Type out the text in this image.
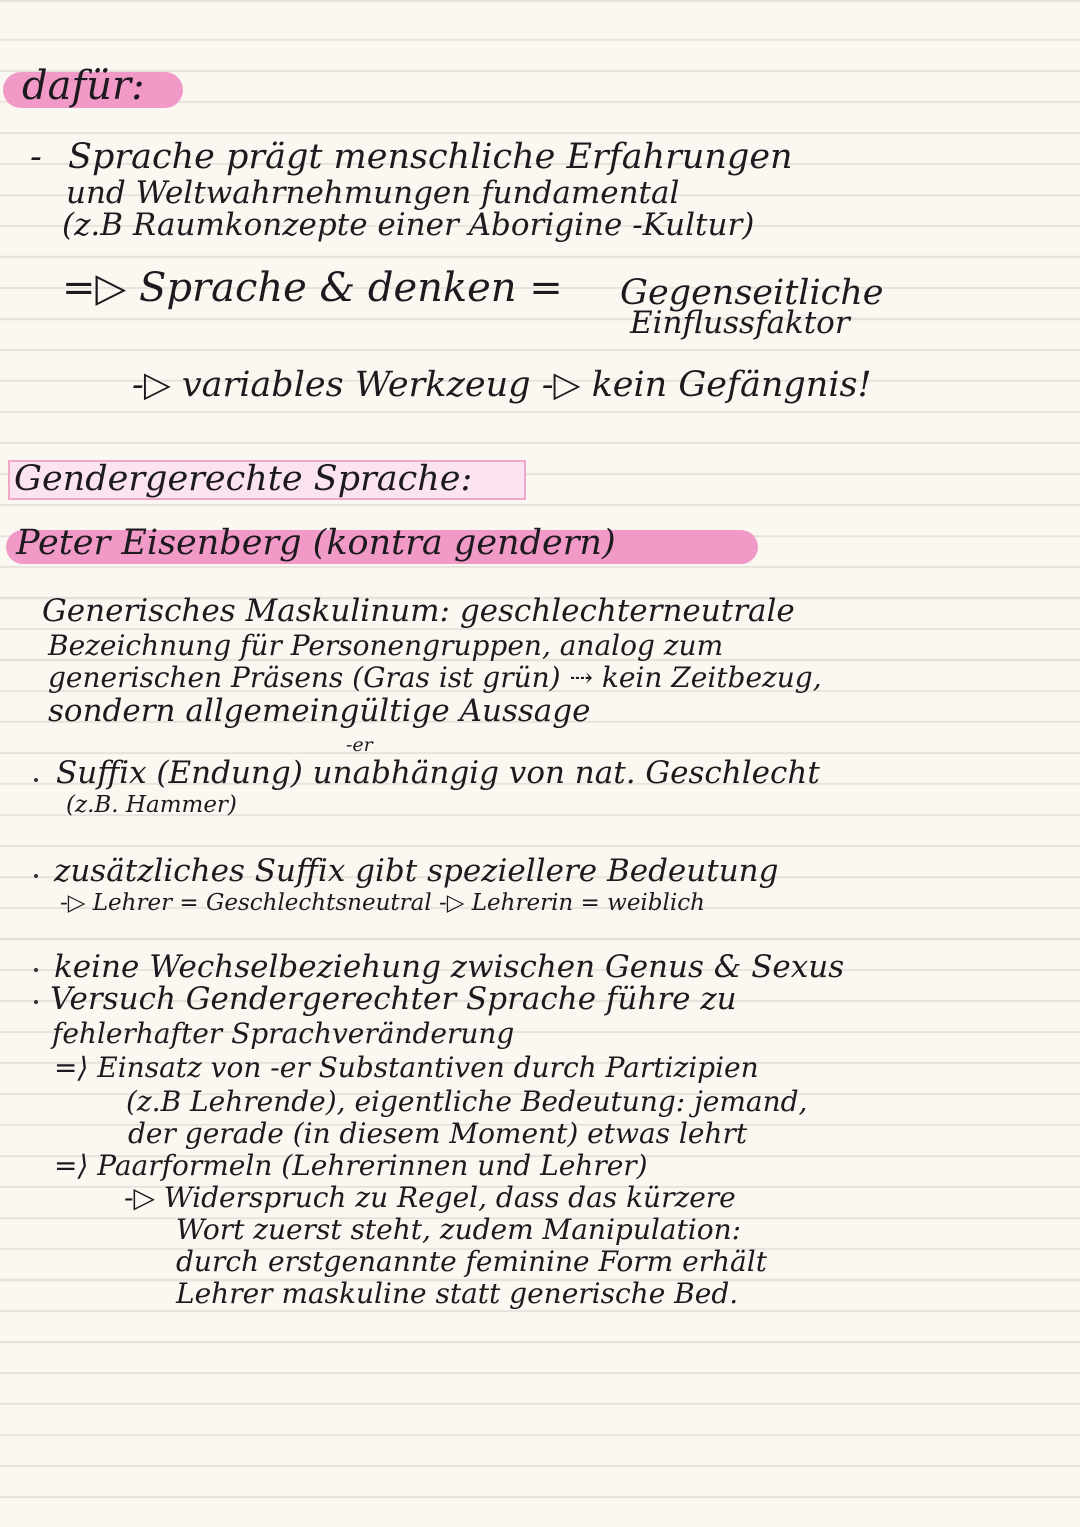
dafür:
- Sprache prägt menschliche Erfahrungen
und Weltwahrnehmungen fundamental
(z.B Raumkonzepte einer Aborigine -Kultur)
=▷ Sprache & denken = Gegenseitliche
Einflussfaktor
-▷ variables Werkzeug -▷ kein Gefängnis!
Gendergerechte Sprache:
Peter Eisenberg (kontra gendern)
Generisches Maskulinum: geschlechterneutrale
Bezeichnung für Personengruppen, analog zum
generischen Präsens (Gras ist grün) ⇢ kein Zeitbezug,
sondern allgemeingültige Aussage
-er
Suffix (Endung) unabhängig von nat. Geschlecht
(z.B. Hammer)
zusätzliches Suffix gibt speziellere Bedeutung
-▷ Lehrer = Geschlechtsneutral -▷ Lehrerin = weiblich
keine Wechselbeziehung zwischen Genus & Sexus
Versuch Gendergerechter Sprache führe zu
fehlerhafter Sprachveränderung
=⟩ Einsatz von -er Substantiven durch Partizipien
(z.B Lehrende), eigentliche Bedeutung: jemand,
der gerade (in diesem Moment) etwas lehrt
=⟩ Paarformeln (Lehrerinnen und Lehrer)
-▷ Widerspruch zu Regel, dass das kürzere
Wort zuerst steht, zudem Manipulation:
durch erstgenannte feminine Form erhält
Lehrer maskuline statt generische Bed.
